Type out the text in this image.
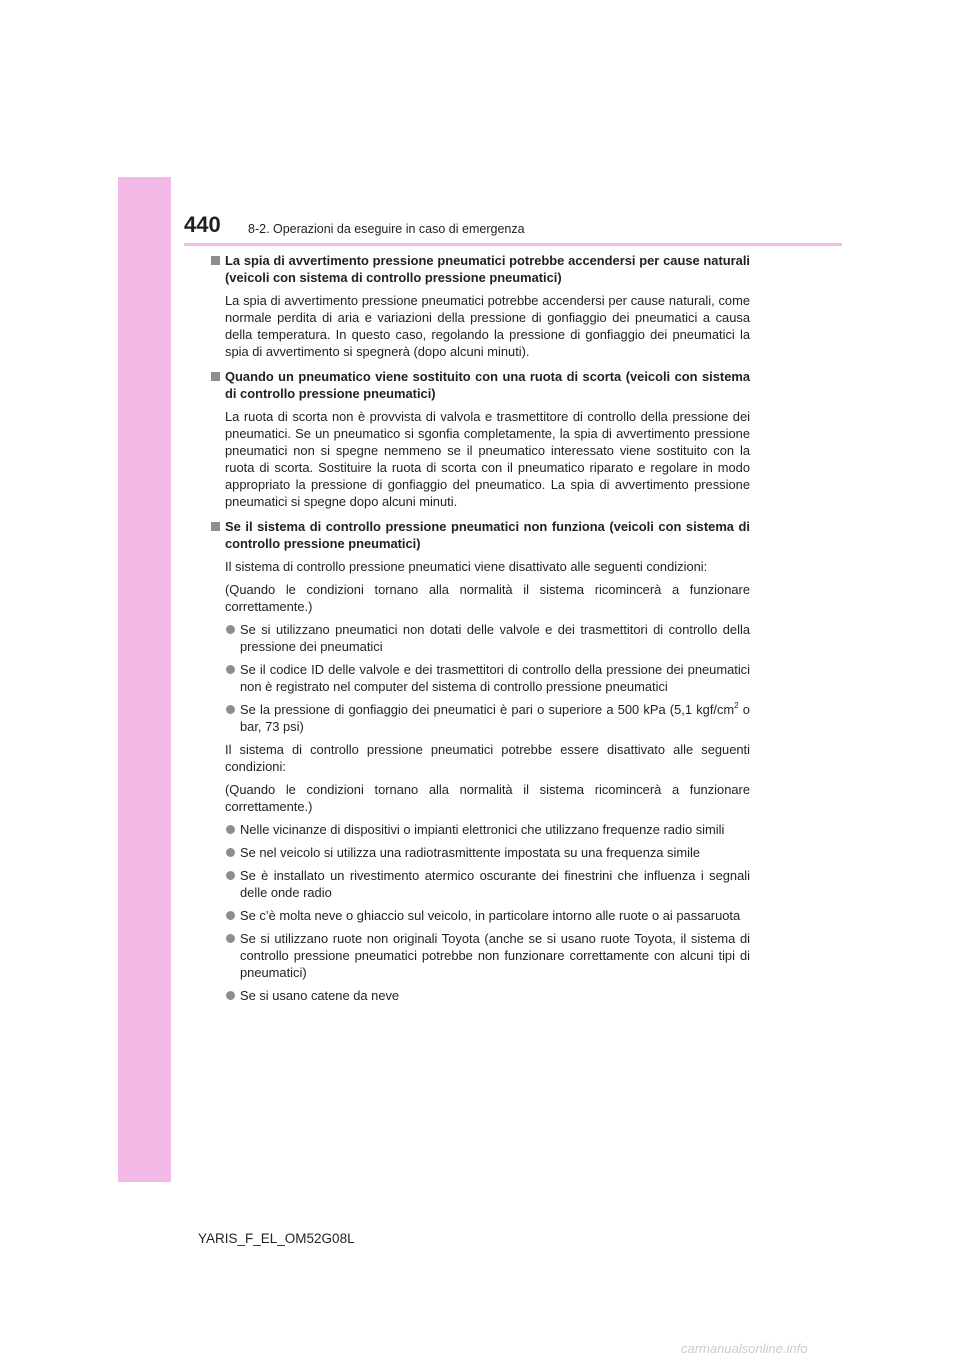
440 8-2. Operazioni da eseguire in caso di emergenza

La spia di avvertimento pressione pneumatici potrebbe accendersi per cause naturali (veicoli con sistema di controllo pressione pneumatici)

La spia di avvertimento pressione pneumatici potrebbe accendersi per cause naturali, come normale perdita di aria e variazioni della pressione di gonfiaggio dei pneumatici a causa della temperatura. In questo caso, regolando la pressione di gonfiaggio dei pneumatici la spia di avvertimento si spegnerà (dopo alcuni minuti).

Quando un pneumatico viene sostituito con una ruota di scorta (veicoli con sistema di controllo pressione pneumatici)

La ruota di scorta non è provvista di valvola e trasmettitore di controllo della pressione dei pneumatici. Se un pneumatico si sgonfia completamente, la spia di avvertimento pressione pneumatici non si spegne nemmeno se il pneumatico interessato viene sostituito con la ruota di scorta. Sostituire la ruota di scorta con il pneumatico riparato e regolare in modo appropriato la pressione di gonfiaggio del pneumatico. La spia di avvertimento pressione pneumatici si spegne dopo alcuni minuti.

Se il sistema di controllo pressione pneumatici non funziona (veicoli con sistema di controllo pressione pneumatici)

Il sistema di controllo pressione pneumatici viene disattivato alle seguenti condizioni:

(Quando le condizioni tornano alla normalità il sistema ricomincerà a funzionare correttamente.)

Se si utilizzano pneumatici non dotati delle valvole e dei trasmettitori di controllo della pressione dei pneumatici
Se il codice ID delle valvole e dei trasmettitori di controllo della pressione dei pneumatici non è registrato nel computer del sistema di controllo pressione pneumatici
Se la pressione di gonfiaggio dei pneumatici è pari o superiore a 500 kPa (5,1 kgf/$cm^2$ o bar, 73 psi)

Il sistema di controllo pressione pneumatici potrebbe essere disattivato alle seguenti condizioni:

(Quando le condizioni tornano alla normalità il sistema ricomincerà a funzionare correttamente.)

Nelle vicinanze di dispositivi o impianti elettronici che utilizzano frequenze radio simili
Se nel veicolo si utilizza una radiotrasmittente impostata su una frequenza simile
Se è installato un rivestimento atermico oscurante dei finestrini che influenza i segnali delle onde radio
Se c’è molta neve o ghiaccio sul veicolo, in particolare intorno alle ruote o ai passaruota
Se si utilizzano ruote non originali Toyota (anche se si usano ruote Toyota, il sistema di controllo pressione pneumatici potrebbe non funzionare correttamente con alcuni tipi di pneumatici)
Se si usano catene da neve
YARIS_F_EL_OM52G08L
carmanualsonline.info
